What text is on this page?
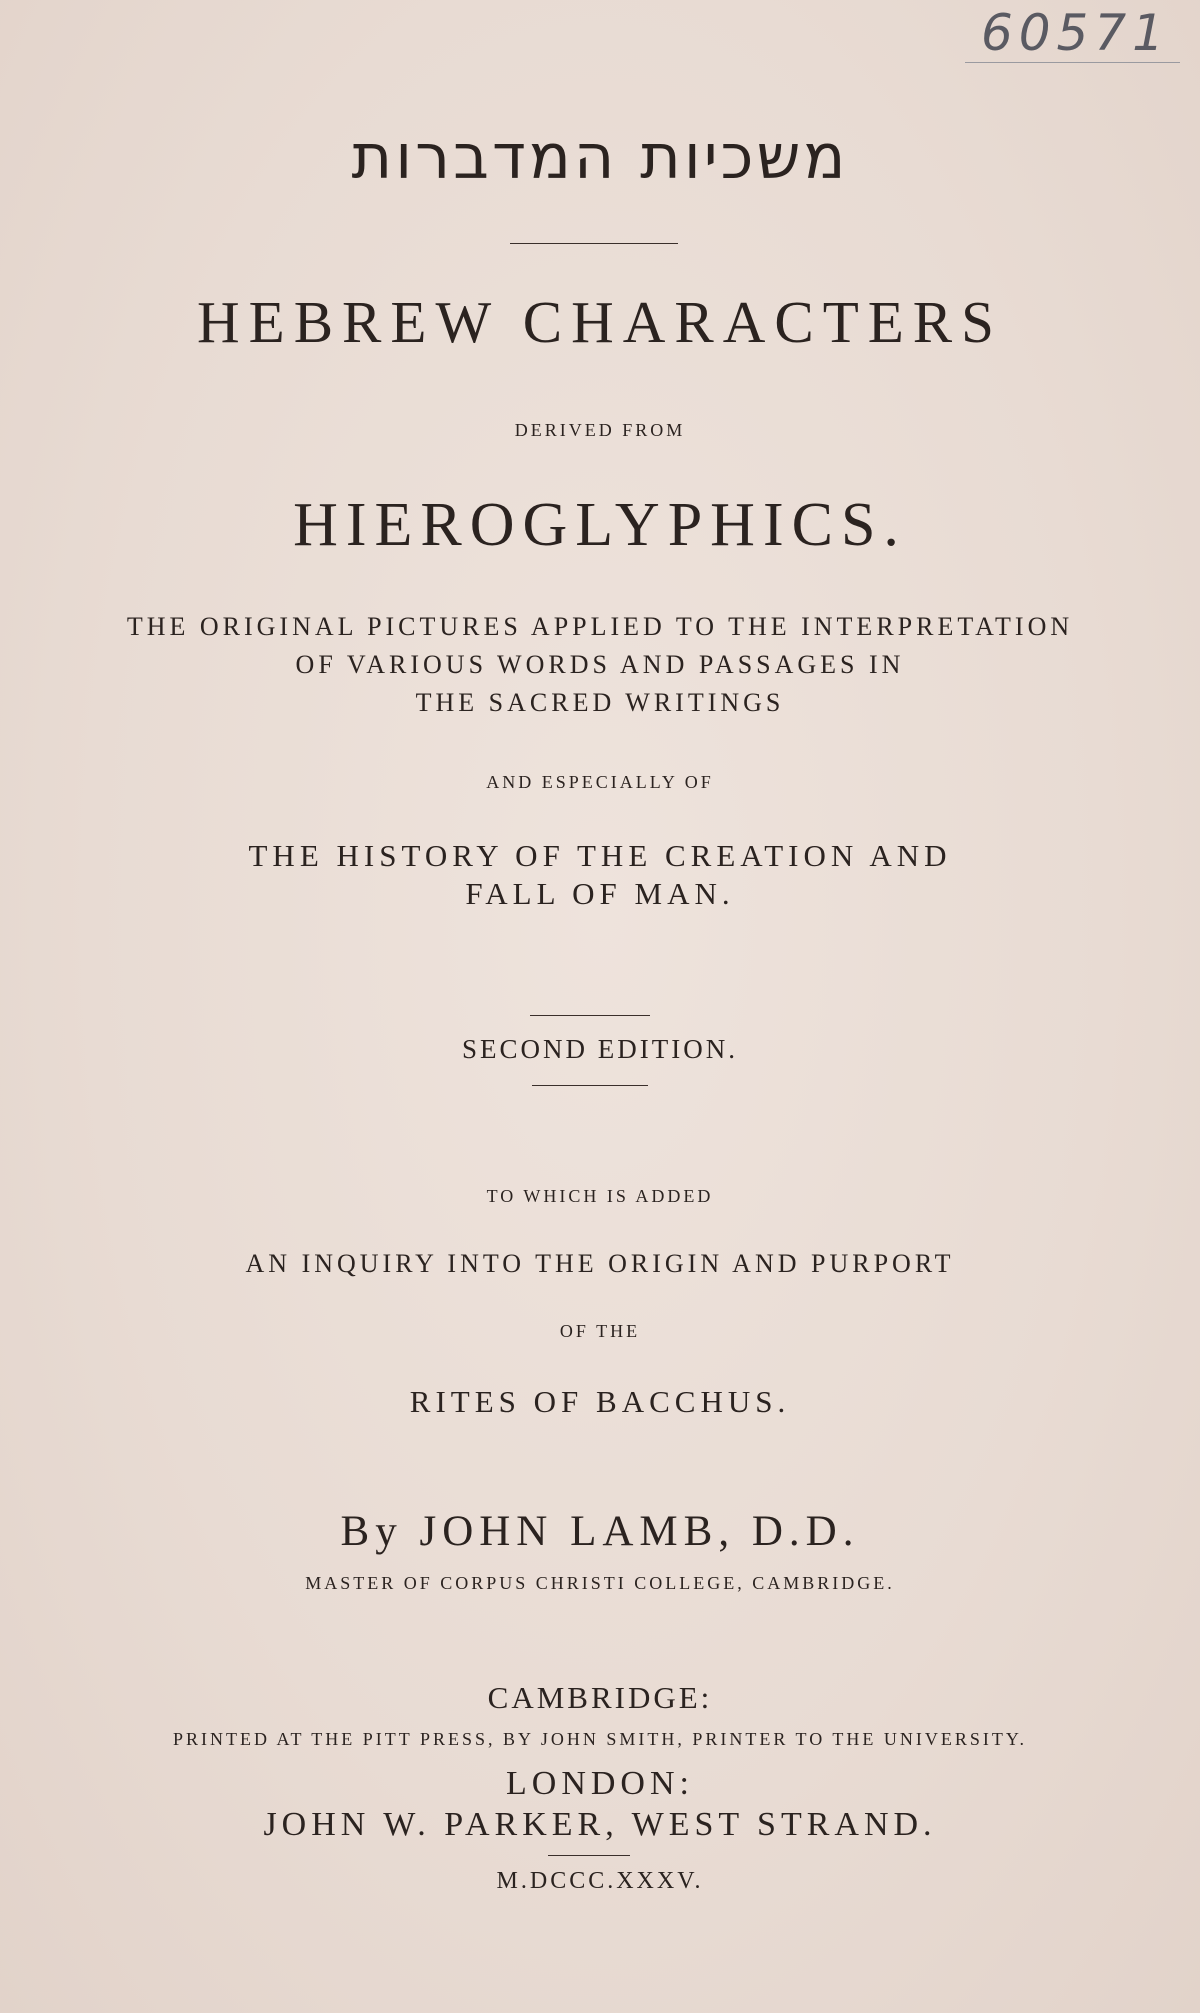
60571
משכיות המדברות
HEBREW CHARACTERS
DERIVED FROM
HIEROGLYPHICS.
THE ORIGINAL PICTURES APPLIED TO THE INTERPRETATION
OF VARIOUS WORDS AND PASSAGES IN
THE SACRED WRITINGS
AND ESPECIALLY OF
THE HISTORY OF THE CREATION AND
FALL OF MAN.
SECOND EDITION.
TO WHICH IS ADDED
AN INQUIRY INTO THE ORIGIN AND PURPORT
OF THE
RITES OF BACCHUS.
By JOHN LAMB, D.D.
MASTER OF CORPUS CHRISTI COLLEGE, CAMBRIDGE.
CAMBRIDGE:
PRINTED AT THE PITT PRESS, BY JOHN SMITH, PRINTER TO THE UNIVERSITY.
LONDON:
JOHN W. PARKER, WEST STRAND.
M.DCCC.XXXV.
